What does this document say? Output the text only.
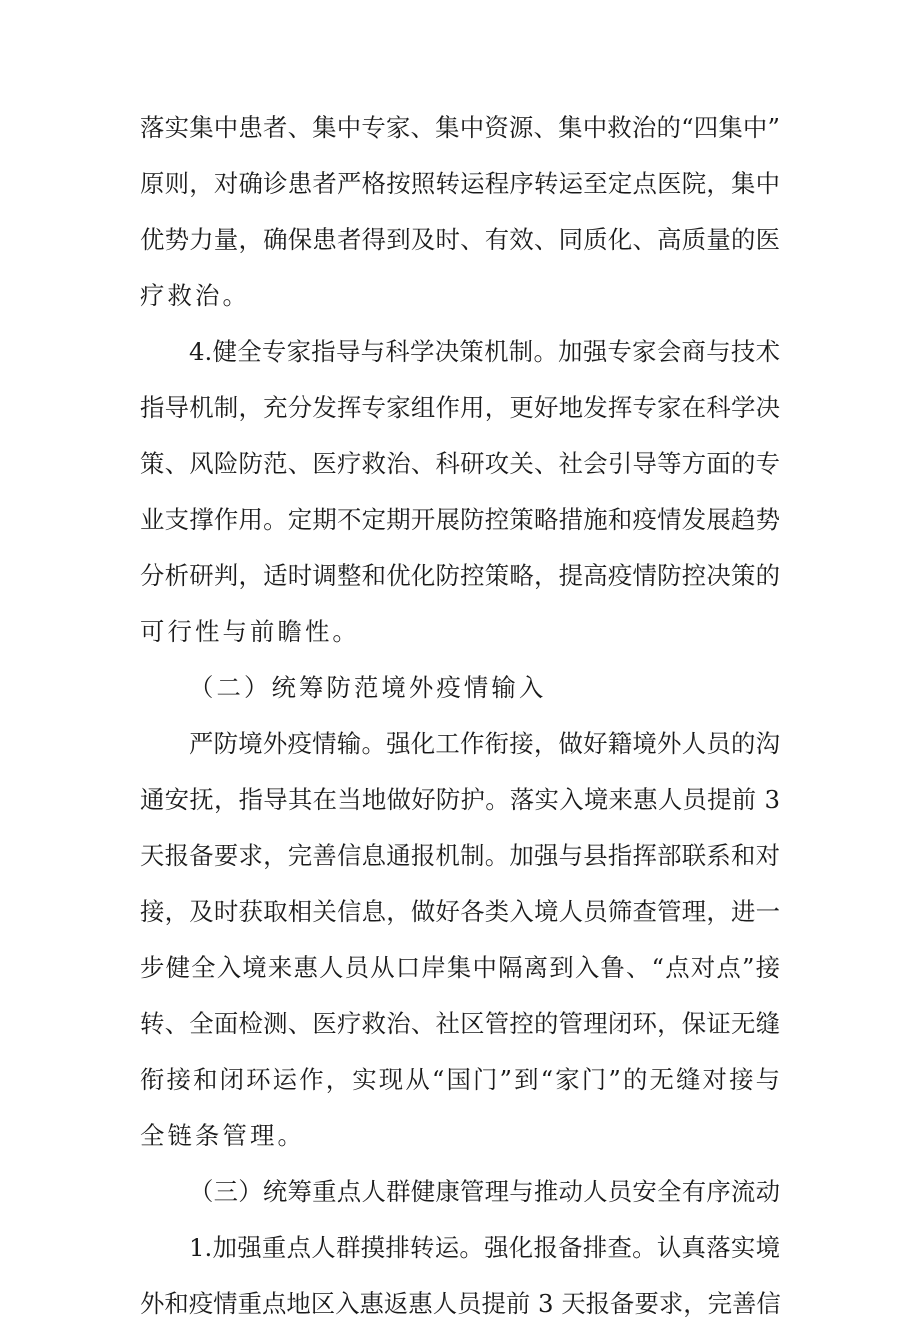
落实集中患者、集中专家、集中资源、集中救治的“四集中”
原则，对确诊患者严格按照转运程序转运至定点医院，集中
优势力量，确保患者得到及时、有效、同质化、高质量的医
疗救治。
4.健全专家指导与科学决策机制。加强专家会商与技术
指导机制，充分发挥专家组作用，更好地发挥专家在科学决
策、风险防范、医疗救治、科研攻关、社会引导等方面的专
业支撑作用。定期不定期开展防控策略措施和疫情发展趋势
分析研判，适时调整和优化防控策略，提高疫情防控决策的
可行性与前瞻性。
（二）统筹防范境外疫情输入
严防境外疫情输。强化工作衔接，做好籍境外人员的沟
通安抚，指导其在当地做好防护。落实入境来惠人员提前 3
天报备要求，完善信息通报机制。加强与县指挥部联系和对
接，及时获取相关信息，做好各类入境人员筛查管理，进一
步健全入境来惠人员从口岸集中隔离到入鲁、“点对点”接
转、全面检测、医疗救治、社区管控的管理闭环，保证无缝
衔接和闭环运作，实现从“国门”到“家门”的无缝对接与
全链条管理。
（三）统筹重点人群健康管理与推动人员安全有序流动
1.加强重点人群摸排转运。强化报备排查。认真落实境
外和疫情重点地区入惠返惠人员提前 3 天报备要求，完善信
